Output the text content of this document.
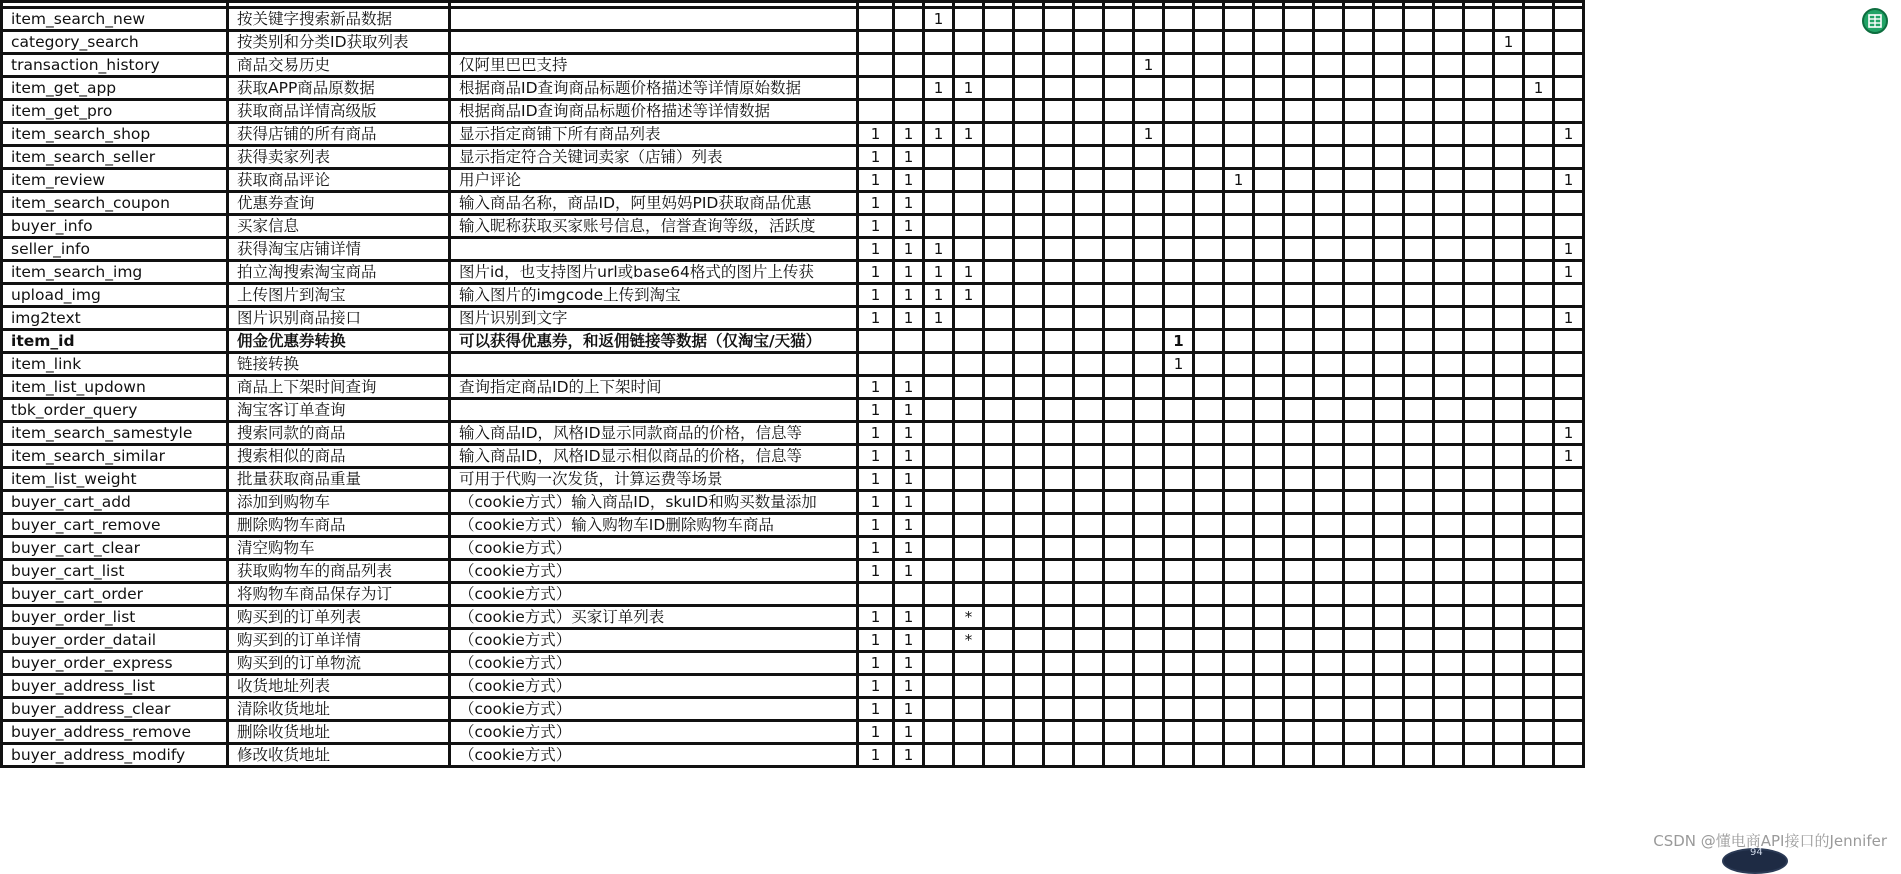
item_search_new	按关键字搜索新品数据				1																					
category_search	按类别和分类ID获取列表																							1		
transaction_history	商品交易历史	仅阿里巴巴支持										1														
item_get_app	获取APP商品原数据	根据商品ID查询商品标题价格描述等详情原始数据			1	1																			1	
item_get_pro	获取商品详情高级版	根据商品ID查询商品标题价格描述等详情数据																								
item_search_shop	获得店铺的所有商品	显示指定商铺下所有商品列表	1	1	1	1						1														1
item_search_seller	获得卖家列表	显示指定符合关键词卖家（店铺）列表	1	1																						
item_review	获取商品评论	用户评论	1	1											1											1
item_search_coupon	优惠券查询	输入商品名称，商品ID，阿里妈妈PID获取商品优惠	1	1																						
buyer_info	买家信息	输入昵称获取买家账号信息，信誉查询等级，活跃度	1	1																						
seller_info	获得淘宝店铺详情		1	1	1																					1
item_search_img	拍立淘搜索淘宝商品	图片id，也支持图片url或base64格式的图片上传获	1	1	1	1																				1
upload_img	上传图片到淘宝	输入图片的imgcode上传到淘宝	1	1	1	1																				
img2text	图片识别商品接口	图片识别到文字	1	1	1																					1
item_id	佣金优惠券转换	可以获得优惠券，和返佣链接等数据（仅淘宝/天猫）											1													
item_link	链接转换												1													
item_list_updown	商品上下架时间查询	查询指定商品ID的上下架时间	1	1																						
tbk_order_query	淘宝客订单查询		1	1																						
item_search_samestyle	搜索同款的商品	输入商品ID，风格ID显示同款商品的价格，信息等	1	1																						1
item_search_similar	搜索相似的商品	输入商品ID，风格ID显示相似商品的价格，信息等	1	1																						1
item_list_weight	批量获取商品重量	可用于代购一次发货，计算运费等场景	1	1																						
buyer_cart_add	添加到购物车	（cookie方式）输入商品ID，skuID和购买数量添加	1	1																						
buyer_cart_remove	删除购物车商品	（cookie方式）输入购物车ID删除购物车商品	1	1																						
buyer_cart_clear	清空购物车	（cookie方式）	1	1																						
buyer_cart_list	获取购物车的商品列表	（cookie方式）	1	1																						
buyer_cart_order	将购物车商品保存为订	（cookie方式）																								
buyer_order_list	购买到的订单列表	（cookie方式）买家订单列表	1	1		*																				
buyer_order_datail	购买到的订单详情	（cookie方式）	1	1		*																				
buyer_order_express	购买到的订单物流	（cookie方式）	1	1																						
buyer_address_list	收货地址列表	（cookie方式）	1	1																						
buyer_address_clear	清除收货地址	（cookie方式）	1	1																						
buyer_address_remove	删除收货地址	（cookie方式）	1	1																						
buyer_address_modify	修改收货地址	（cookie方式）	1	1																						
94
CSDN @懂电商API接口的Jennifer
